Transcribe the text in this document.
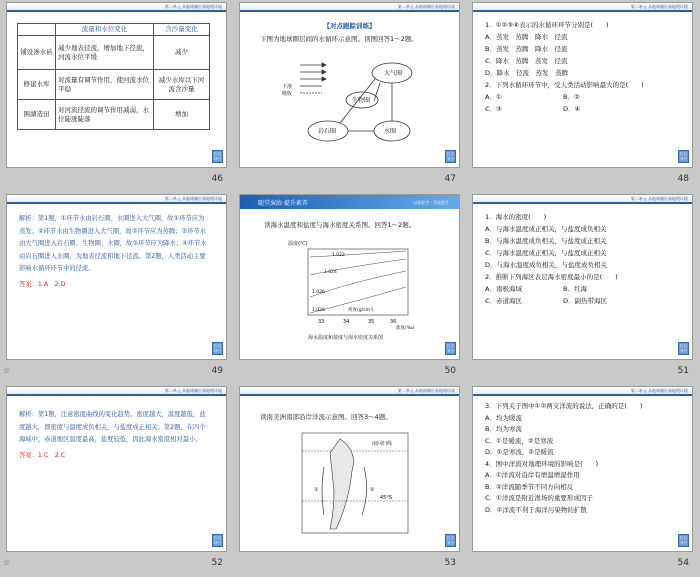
第二单元 从地球圈层看地理环境
	流量和水位变化	含沙量变化
铺设渗水砖	减少地表径流，增加地下径流，河流水位平缓	减少
修建水库	对流量有调节作用，使河流水位平稳	减少水库以下河流含沙量
围湖造田	对河流径流的调节作用减弱，水位陡涨陡落	增加
栏目导引
46
第二单元 从地球圈层看地理环境
【对点跟踪训练】
下图为地球圈层间的水循环示意图。读图回答1～2题。
大气圈
生物圈
岩石圈	水圈
下渗
吸收
栏目导引
47
第二单元 从地球圈层看地理环境
1．①②③④表示的水循环环节分别是(　　)
A．蒸发　蒸腾　降水　径流
B．蒸发　蒸腾　降水　径流
C．降水　蒸腾　蒸发　径流
D．降水　径流　蒸发　蒸腾
2．下列水循环环节中，受人类活动影响最大的是(　　)
A．①	B．②
C．③	D．④
栏目导引
48
第二单元 从地球圈层看地理环境
解析：第1题，①环节水由岩石圈、水圈进入大气圈，故①环节应为蒸发；②环节水由生物圈进入大气圈，故②环节应为蒸腾；③环节水由大气圈进入岩石圈、生物圈、水圈，故③环节应为降水；④环节水由岩石圈进入水圈，为地表径流和地下径流。第2题，人类活动主要影响水循环环节中的径流。
答案：1.A　2.D
栏目导引
☆	49
随堂演练·提升素养	以练促学 · 学业提升
读海水温度和盐度与海水密度关系图。回答1～2题。
温度(℃)
1.022
1.024
1.026
1.028	密度(g/cm³)
33	34	35	36
盐度(‰)
海水温度和盐度与海水密度关系图
栏目导引
50
第二单元 从地球圈层看地理环境
1．海水的密度(　　)
A．与海水温度成正相关，与盐度成负相关
B．与海水温度成负相关，与盐度成正相关
C．与海水温度成正相关，与盐度成正相关
D．与海水温度成负相关，与盐度成负相关
2．推断下列海区表层海水密度最小的是(　　)
A．南极海域	B．红海
C．赤道海区	D．副热带海区
栏目导引
51
第二单元 从地球圈层看地理环境
解析：第1题，注意密度曲线的变化趋势。密度越大，温度越低，盐度越大，即密度与温度成负相关，与盐度成正相关。第2题，在四个海域中，赤道地区温度最高，盐度较低，因此海水密度相对最小。
答案：1.C　2.C
栏目导引
☆	52
第二单元 从地球圈层看地理环境
读南美洲南部沿岸洋流示意图。回答3～4题。
南回归线
45°S
①	②
栏目导引
53
第二单元 从地球圈层看地理环境
3．下列关于图中①②两支洋流的说法，正确的是(　　)
A．均为暖流
B．均为寒流
C．①是暖流，②是寒流
D．①是寒流，②是暖流
4．图中洋流对地理环境的影响是(　　)
A．①洋流对沿岸有增温增湿作用
B．②洋流随季节不同方向相反
C．①洋流是附近渔场的重要形成因子
D．②洋流不利于海洋污染物的扩散
栏目导引
54
